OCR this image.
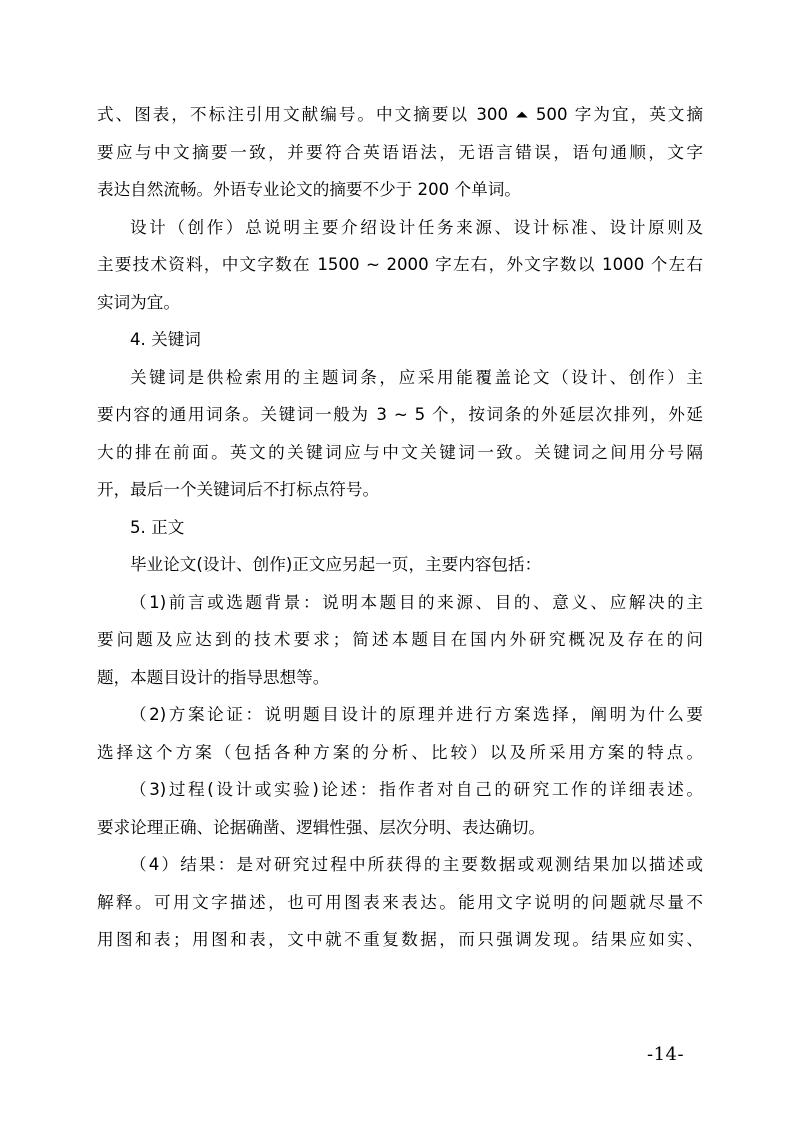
式、图表，不标注引用文献编号。中文摘要以 300 ⏶ 500 字为宜，英文摘
要应与中文摘要一致，并要符合英语语法，无语言错误，语句通顺，文字
表达自然流畅。外语专业论文的摘要不少于 200 个单词。
设计（创作）总说明主要介绍设计任务来源、设计标准、设计原则及
主要技术资料，中文字数在 1500 ~ 2000 字左右，外文字数以 1000 个左右
实词为宜。
4. 关键词
关键词是供检索用的主题词条，应采用能覆盖论文（设计、创作）主
要内容的通用词条。关键词一般为 3 ~ 5 个，按词条的外延层次排列，外延
大的排在前面。英文的关键词应与中文关键词一致。关键词之间用分号隔
开，最后一个关键词后不打标点符号。
5. 正文
毕业论文(设计、创作)正文应另起一页，主要内容包括：
（1)前言或选题背景：说明本题目的来源、目的、意义、应解决的主
要问题及应达到的技术要求；简述本题目在国内外研究概况及存在的问
题，本题目设计的指导思想等。
（2)方案论证：说明题目设计的原理并进行方案选择，阐明为什么要
选择这个方案（包括各种方案的分析、比较）以及所采用方案的特点。
（3)过程(设计或实验)论述：指作者对自己的研究工作的详细表述。
要求论理正确、论据确凿、逻辑性强、层次分明、表达确切。
（4）结果：是对研究过程中所获得的主要数据或观测结果加以描述或
解释。可用文字描述，也可用图表来表达。能用文字说明的问题就尽量不
用图和表；用图和表，文中就不重复数据，而只强调发现。结果应如实、
-14-
